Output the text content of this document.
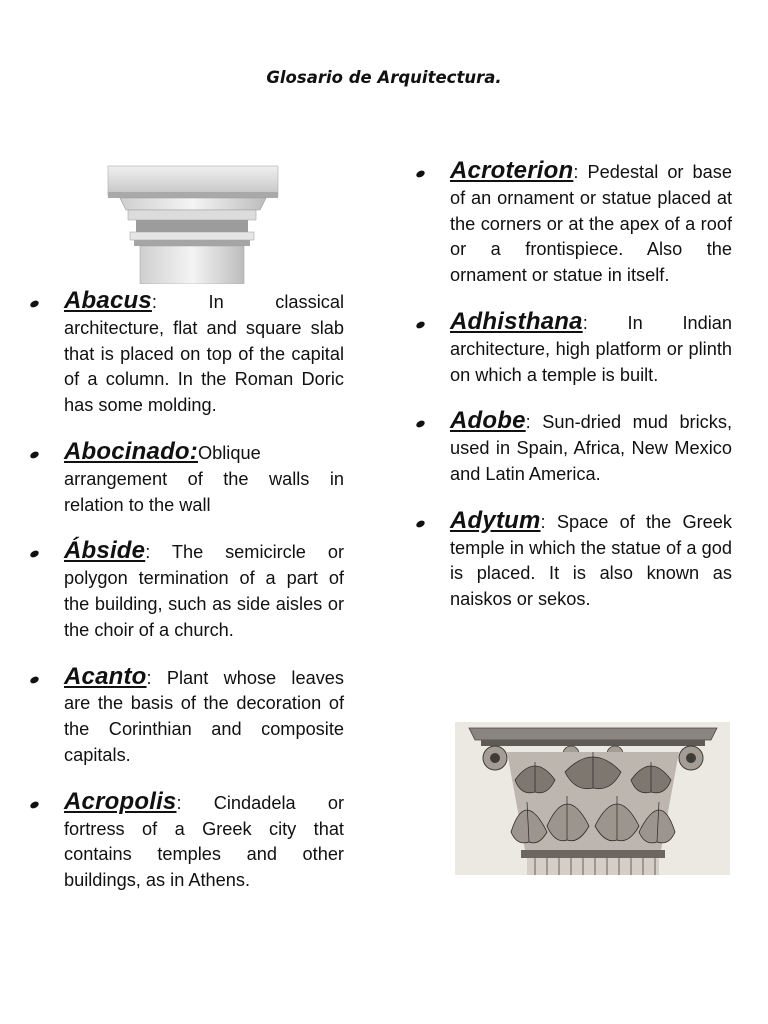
Glosario de Arquitectura.
Abacus: In classical architecture, flat and square slab that is placed on top of the capital of a column. In the Roman Doric has some molding.
Abocinado:Oblique arrangement of the walls in relation to the wall
Ábside: The semicircle or polygon termination of a part of the building, such as side aisles or the choir of a church.
Acanto: Plant whose leaves are the basis of the decoration of the Corinthian and composite capitals.
Acropolis: Cindadela or fortress of a Greek city that contains temples and other buildings, as in Athens.
Acroterion: Pedestal or base of an ornament or statue placed at the corners or at the apex of a roof or a frontispiece. Also the ornament or statue in itself.
Adhisthana: In Indian architecture, high platform or plinth on which a temple is built.
Adobe: Sun-dried mud bricks, used in Spain, Africa, New Mexico and Latin America.
Adytum: Space of the Greek temple in which the statue of a god is placed. It is also known as naiskos or sekos.
